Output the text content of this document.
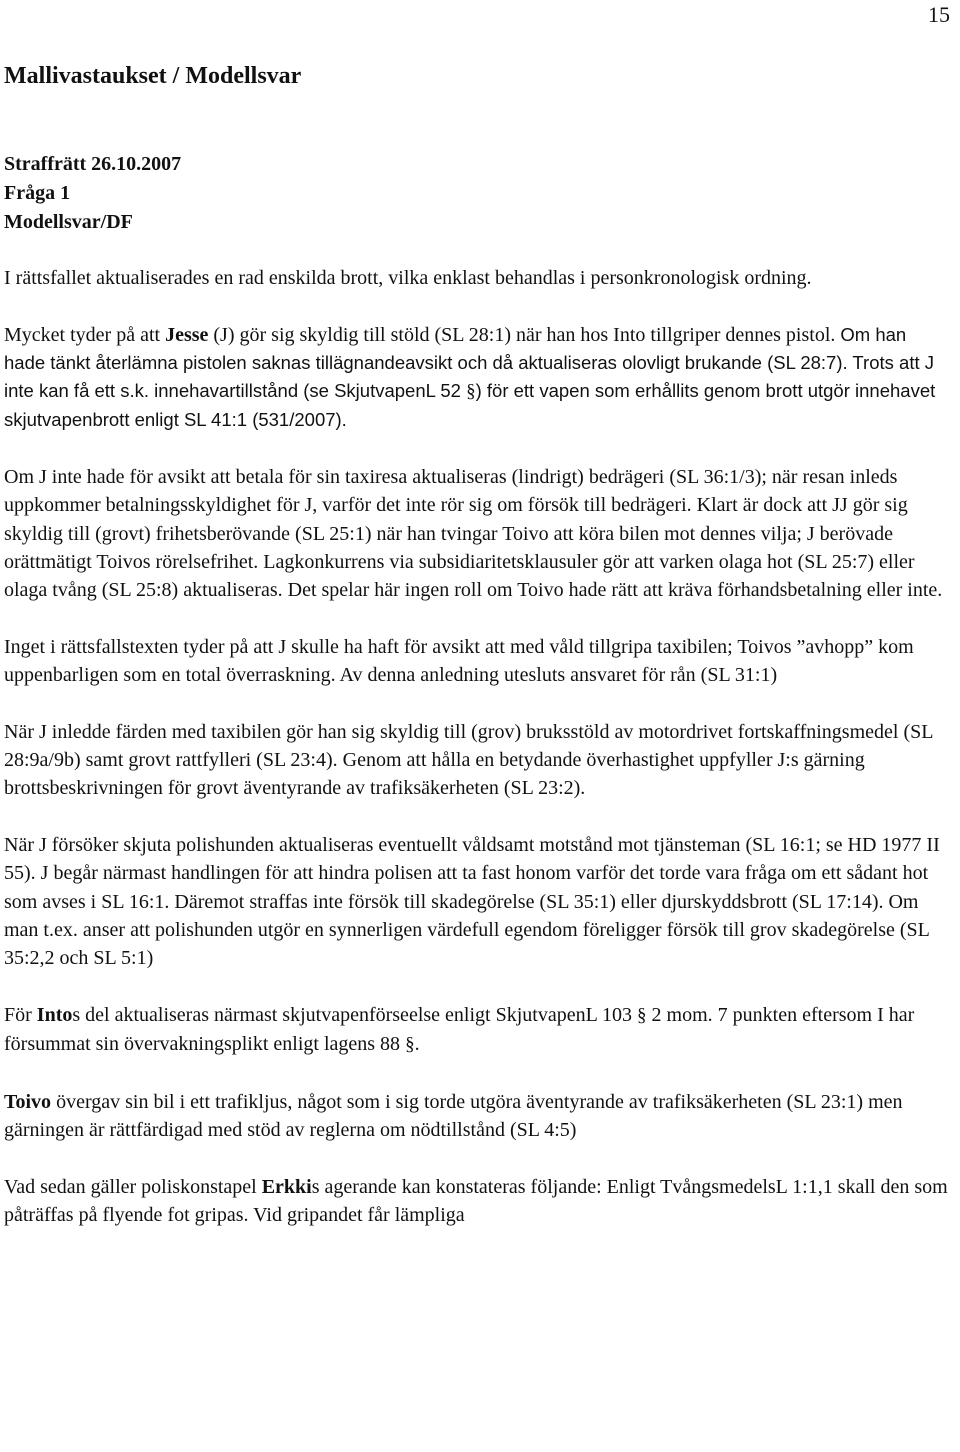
15
Mallivastaukset / Modellsvar
Straffrätt 26.10.2007
Fråga 1
Modellsvar/DF

I rättsfallet aktualiserades en rad enskilda brott, vilka enklast behandlas i personkronologisk ordning.

Mycket tyder på att Jesse (J) gör sig skyldig till stöld (SL 28:1) när han hos Into tillgriper dennes pistol. Om han hade tänkt återlämna pistolen saknas tillägnandeavsikt och då aktualiseras olovligt brukande (SL 28:7). Trots att J inte kan få ett s.k. innehavartillstånd (se SkjutvapenL 52 §) för ett vapen som erhållits genom brott utgör innehavet skjutvapenbrott enligt SL 41:1 (531/2007).

Om J inte hade för avsikt att betala för sin taxiresa aktualiseras (lindrigt) bedrägeri (SL 36:1/3); när resan inleds uppkommer betalningsskyldighet för J, varför det inte rör sig om försök till bedrägeri. Klart är dock att JJ gör sig skyldig till (grovt) frihetsberövande (SL 25:1) när han tvingar Toivo att köra bilen mot dennes vilja; J berövade orättmätigt Toivos rörelsefrihet. Lagkonkurrens via subsidiaritetsklausuler gör att varken olaga hot (SL 25:7) eller olaga tvång (SL 25:8) aktualiseras. Det spelar här ingen roll om Toivo hade rätt att kräva förhandsbetalning eller inte.

Inget i rättsfallstexten tyder på att J skulle ha haft för avsikt att med våld tillgripa taxibilen; Toivos ”avhopp” kom uppenbarligen som en total överraskning. Av denna anledning utesluts ansvaret för rån (SL 31:1)

När J inledde färden med taxibilen gör han sig skyldig till (grov) bruksstöld av motordrivet fortskaffningsmedel (SL 28:9a/9b) samt grovt rattfylleri (SL 23:4). Genom att hålla en betydande överhastighet uppfyller J:s gärning brottsbeskrivningen för grovt äventyrande av trafiksäkerheten (SL 23:2).

När J försöker skjuta polishunden aktualiseras eventuellt våldsamt motstånd mot tjänsteman (SL 16:1; se HD 1977 II 55). J begår närmast handlingen för att hindra polisen att ta fast honom varför det torde vara fråga om ett sådant hot som avses i SL 16:1. Däremot straffas inte försök till skadegörelse (SL 35:1) eller djurskyddsbrott (SL 17:14). Om man t.ex. anser att polishunden utgör en synnerligen värdefull egendom föreligger försök till grov skadegörelse (SL 35:2,2 och SL 5:1)

För Intos del aktualiseras närmast skjutvapenförseelse enligt SkjutvapenL 103 § 2 mom. 7 punkten eftersom I har försummat sin övervakningsplikt enligt lagens 88 §.

Toivo övergav sin bil i ett trafikljus, något som i sig torde utgöra äventyrande av trafiksäkerheten (SL 23:1) men gärningen är rättfärdigad med stöd av reglerna om nödtillstånd (SL 4:5)

Vad sedan gäller poliskonstapel Erkkis agerande kan konstateras följande: Enligt TvångsmedelsL 1:1,1 skall den som påträffas på flyende fot gripas. Vid gripandet får lämpliga
